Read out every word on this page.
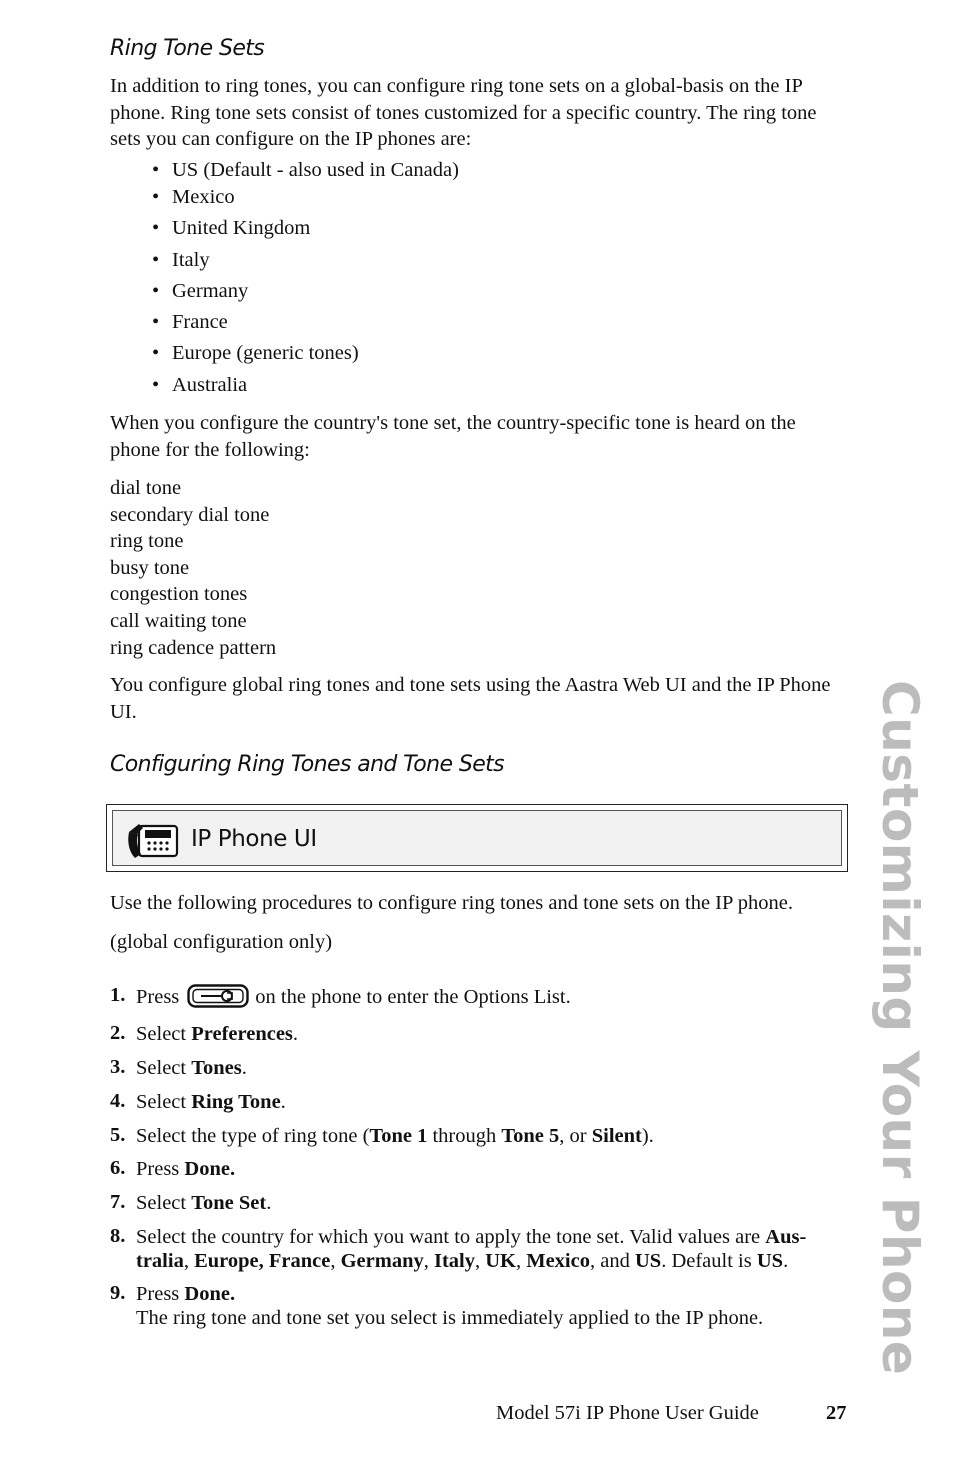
Ring Tone Sets

In addition to ring tones, you can configure ring tone sets on a global-basis on the IP phone. Ring tone sets consist of tones customized for a specific country. The ring tone sets you can configure on the IP phones are:

• US (Default - also used in Canada)
• Mexico
• United Kingdom
• Italy
• Germany
• France
• Europe (generic tones)
• Australia

When you configure the country's tone set, the country-specific tone is heard on the phone for the following:

dial tone
secondary dial tone
ring tone
busy tone
congestion tones
call waiting tone
ring cadence pattern

You configure global ring tones and tone sets using the Aastra Web UI and the IP Phone UI.

Configuring Ring Tones and Tone Sets
IP Phone UI

Use the following procedures to configure ring tones and tone sets on the IP phone.

(global configuration only)

1. Press	on the phone to enter the Options List.
2. Select Preferences.
3. Select Tones.
4. Select Ring Tone.
5. Select the type of ring tone (Tone 1 through Tone 5, or Silent).
6. Press Done.
7. Select Tone Set.
8. Select the country for which you want to apply the tone set. Valid values are Aus-tralia, Europe, France, Germany, Italy, UK, Mexico, and US. Default is US.
9. Press Done.
The ring tone and tone set you select is immediately applied to the IP phone.	Customizing Your Phone
Model 57i IP Phone User Guide	27
